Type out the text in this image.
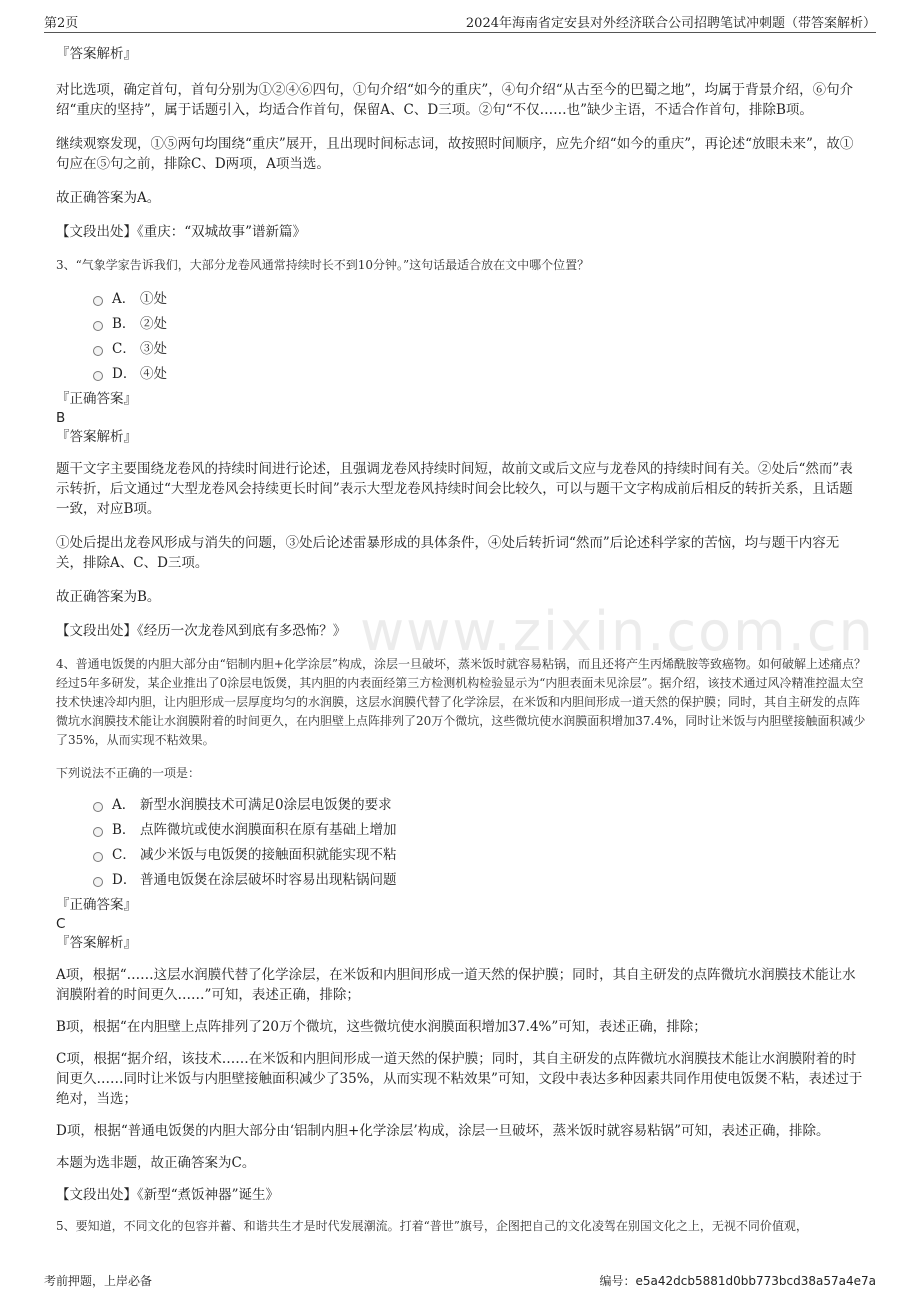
第2页	2024年海南省定安县对外经济联合公司招聘笔试冲刺题（带答案解析）
www.zixin.com.cn

『答案解析』

对比选项，确定首句，首句分别为①②④⑥四句，①句介绍“如今的重庆”，④句介绍“从古至今的巴蜀之地”，均属于背景介绍，⑥句介绍“重庆的坚持”，属于话题引入，均适合作首句，保留A、C、D三项。②句“不仅……也”缺少主语，不适合作首句，排除B项。

继续观察发现，①⑤两句均围绕“重庆”展开，且出现时间标志词，故按照时间顺序，应先介绍“如今的重庆”，再论述“放眼未来”，故①句应在⑤句之前，排除C、D两项，A项当选。

故正确答案为A。

【文段出处】《重庆：“双城故事”谱新篇》

3、“气象学家告诉我们，大部分龙卷风通常持续时长不到10分钟。”这句话最适合放在文中哪个位置？

A． ①处
B． ②处
C． ③处
D． ④处

『正确答案』

B

『答案解析』

题干文字主要围绕龙卷风的持续时间进行论述，且强调龙卷风持续时间短，故前文或后文应与龙卷风的持续时间有关。②处后“然而”表示转折，后文通过“大型龙卷风会持续更长时间”表示大型龙卷风持续时间会比较久，可以与题干文字构成前后相反的转折关系，且话题一致，对应B项。

①处后提出龙卷风形成与消失的问题，③处后论述雷暴形成的具体条件，④处后转折词“然而”后论述科学家的苦恼，均与题干内容无关，排除A、C、D三项。

故正确答案为B。

【文段出处】《经历一次龙卷风到底有多恐怖？》

4、普通电饭煲的内胆大部分由“铝制内胆+化学涂层”构成，涂层一旦破坏，蒸米饭时就容易粘锅，而且还将产生丙烯酰胺等致癌物。如何破解上述痛点？经过5年多研发，某企业推出了0涂层电饭煲，其内胆的内表面经第三方检测机构检验显示为“内胆表面未见涂层”。据介绍，该技术通过风冷精准控温太空技术快速冷却内胆，让内胆形成一层厚度均匀的水润膜，这层水润膜代替了化学涂层，在米饭和内胆间形成一道天然的保护膜；同时，其自主研发的点阵微坑水润膜技术能让水润膜附着的时间更久，在内胆壁上点阵排列了20万个微坑，这些微坑使水润膜面积增加37.4%，同时让米饭与内胆壁接触面积减少了35%，从而实现不粘效果。

下列说法不正确的一项是：

A． 新型水润膜技术可满足0涂层电饭煲的要求
B． 点阵微坑或使水润膜面积在原有基础上增加
C． 减少米饭与电饭煲的接触面积就能实现不粘
D． 普通电饭煲在涂层破坏时容易出现粘锅问题

『正确答案』

C

『答案解析』

A项，根据“……这层水润膜代替了化学涂层，在米饭和内胆间形成一道天然的保护膜；同时，其自主研发的点阵微坑水润膜技术能让水润膜附着的时间更久……”可知，表述正确，排除；

B项，根据“在内胆壁上点阵排列了20万个微坑，这些微坑使水润膜面积增加37.4%”可知，表述正确，排除；

C项，根据“据介绍，该技术……在米饭和内胆间形成一道天然的保护膜；同时，其自主研发的点阵微坑水润膜技术能让水润膜附着的时间更久……同时让米饭与内胆壁接触面积减少了35%，从而实现不粘效果”可知，文段中表达多种因素共同作用使电饭煲不粘，表述过于绝对，当选；

D项，根据“普通电饭煲的内胆大部分由‘铝制内胆+化学涂层’构成，涂层一旦破坏，蒸米饭时就容易粘锅”可知，表述正确，排除。

本题为选非题，故正确答案为C。

【文段出处】《新型“煮饭神器”诞生》

5、要知道，不同文化的包容并蓄、和谐共生才是时代发展潮流。打着“普世”旗号，企图把自己的文化凌驾在别国文化之上，无视不同价值观，

考前押题，上岸必备	编号：e5a42dcb5881d0bb773bcd38a57a4e7a
